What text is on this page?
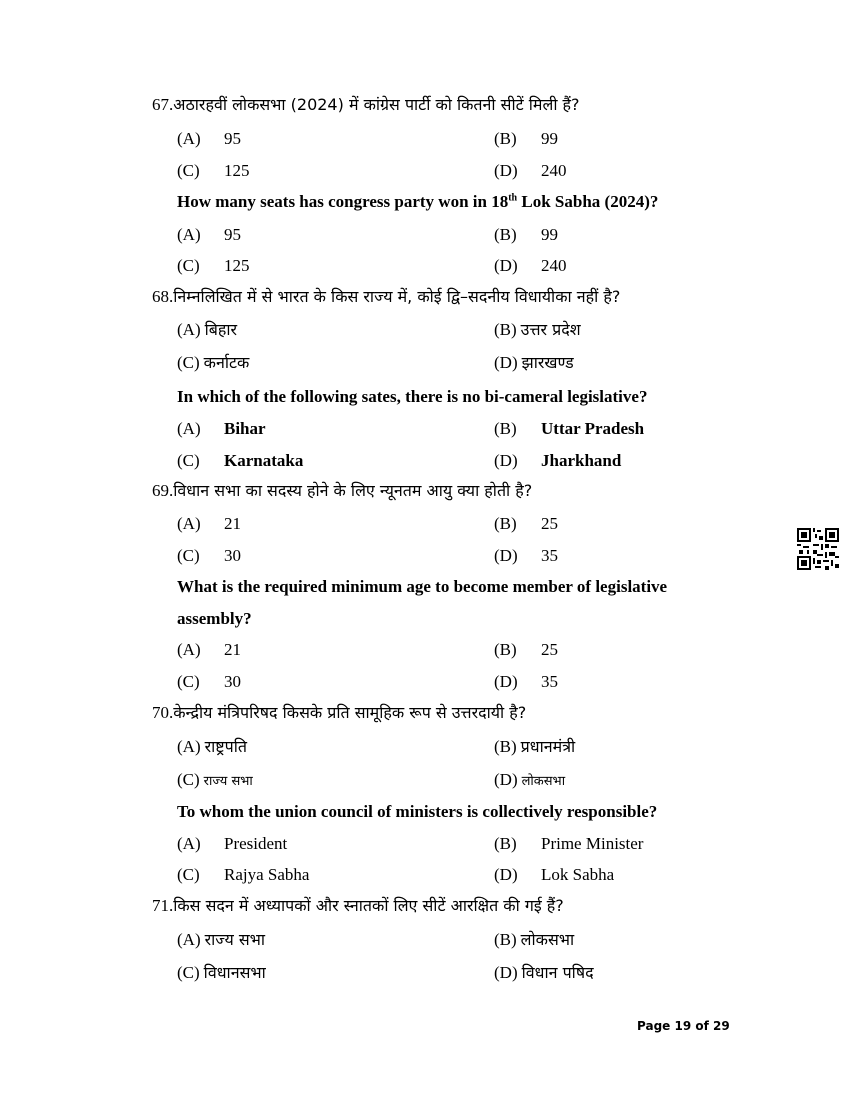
67.अठारहवीं लोकसभा (2024) में कांग्रेस पार्टी को कितनी सीटें मिली हैं?
(A) 95	(B) 99
(C) 125	(D) 240
How many seats has congress party won in 18th Lok Sabha (2024)?
(A) 95	(B) 99
(C) 125	(D) 240
68.निम्नलिखित में से भारत के किस राज्य में, कोई द्वि–सदनीय विधायीका नहीं है?
(A) बिहार	(B) उत्तर प्रदेश
(C) कर्नाटक	(D) झारखण्ड
In which of the following sates, there is no bi-cameral legislative?
(A) Bihar	(B) Uttar Pradesh
(C) Karnataka	(D) Jharkhand
69.विधान सभा का सदस्य होने के लिए न्यूनतम आयु क्या होती है?
(A) 21	(B) 25
(C) 30	(D) 35
What is the required minimum age to become member of legislative
assembly?
(A) 21	(B) 25
(C) 30	(D) 35
70.केन्द्रीय मंत्रिपरिषद किसके प्रति सामूहिक रूप से उत्तरदायी है?
(A) राष्ट्रपति	(B) प्रधानमंत्री
(C) राज्य सभा	(D) लोकसभा
To whom the union council of ministers is collectively responsible?
(A) President	(B) Prime Minister
(C) Rajya Sabha	(D) Lok Sabha
71.किस सदन में अध्यापकों और स्नातकों लिए सीटें आरक्षित की गई हैं?
(A) राज्य सभा	(B) लोकसभा
(C) विधानसभा	(D) विधान पषिद
Page 19 of 29
